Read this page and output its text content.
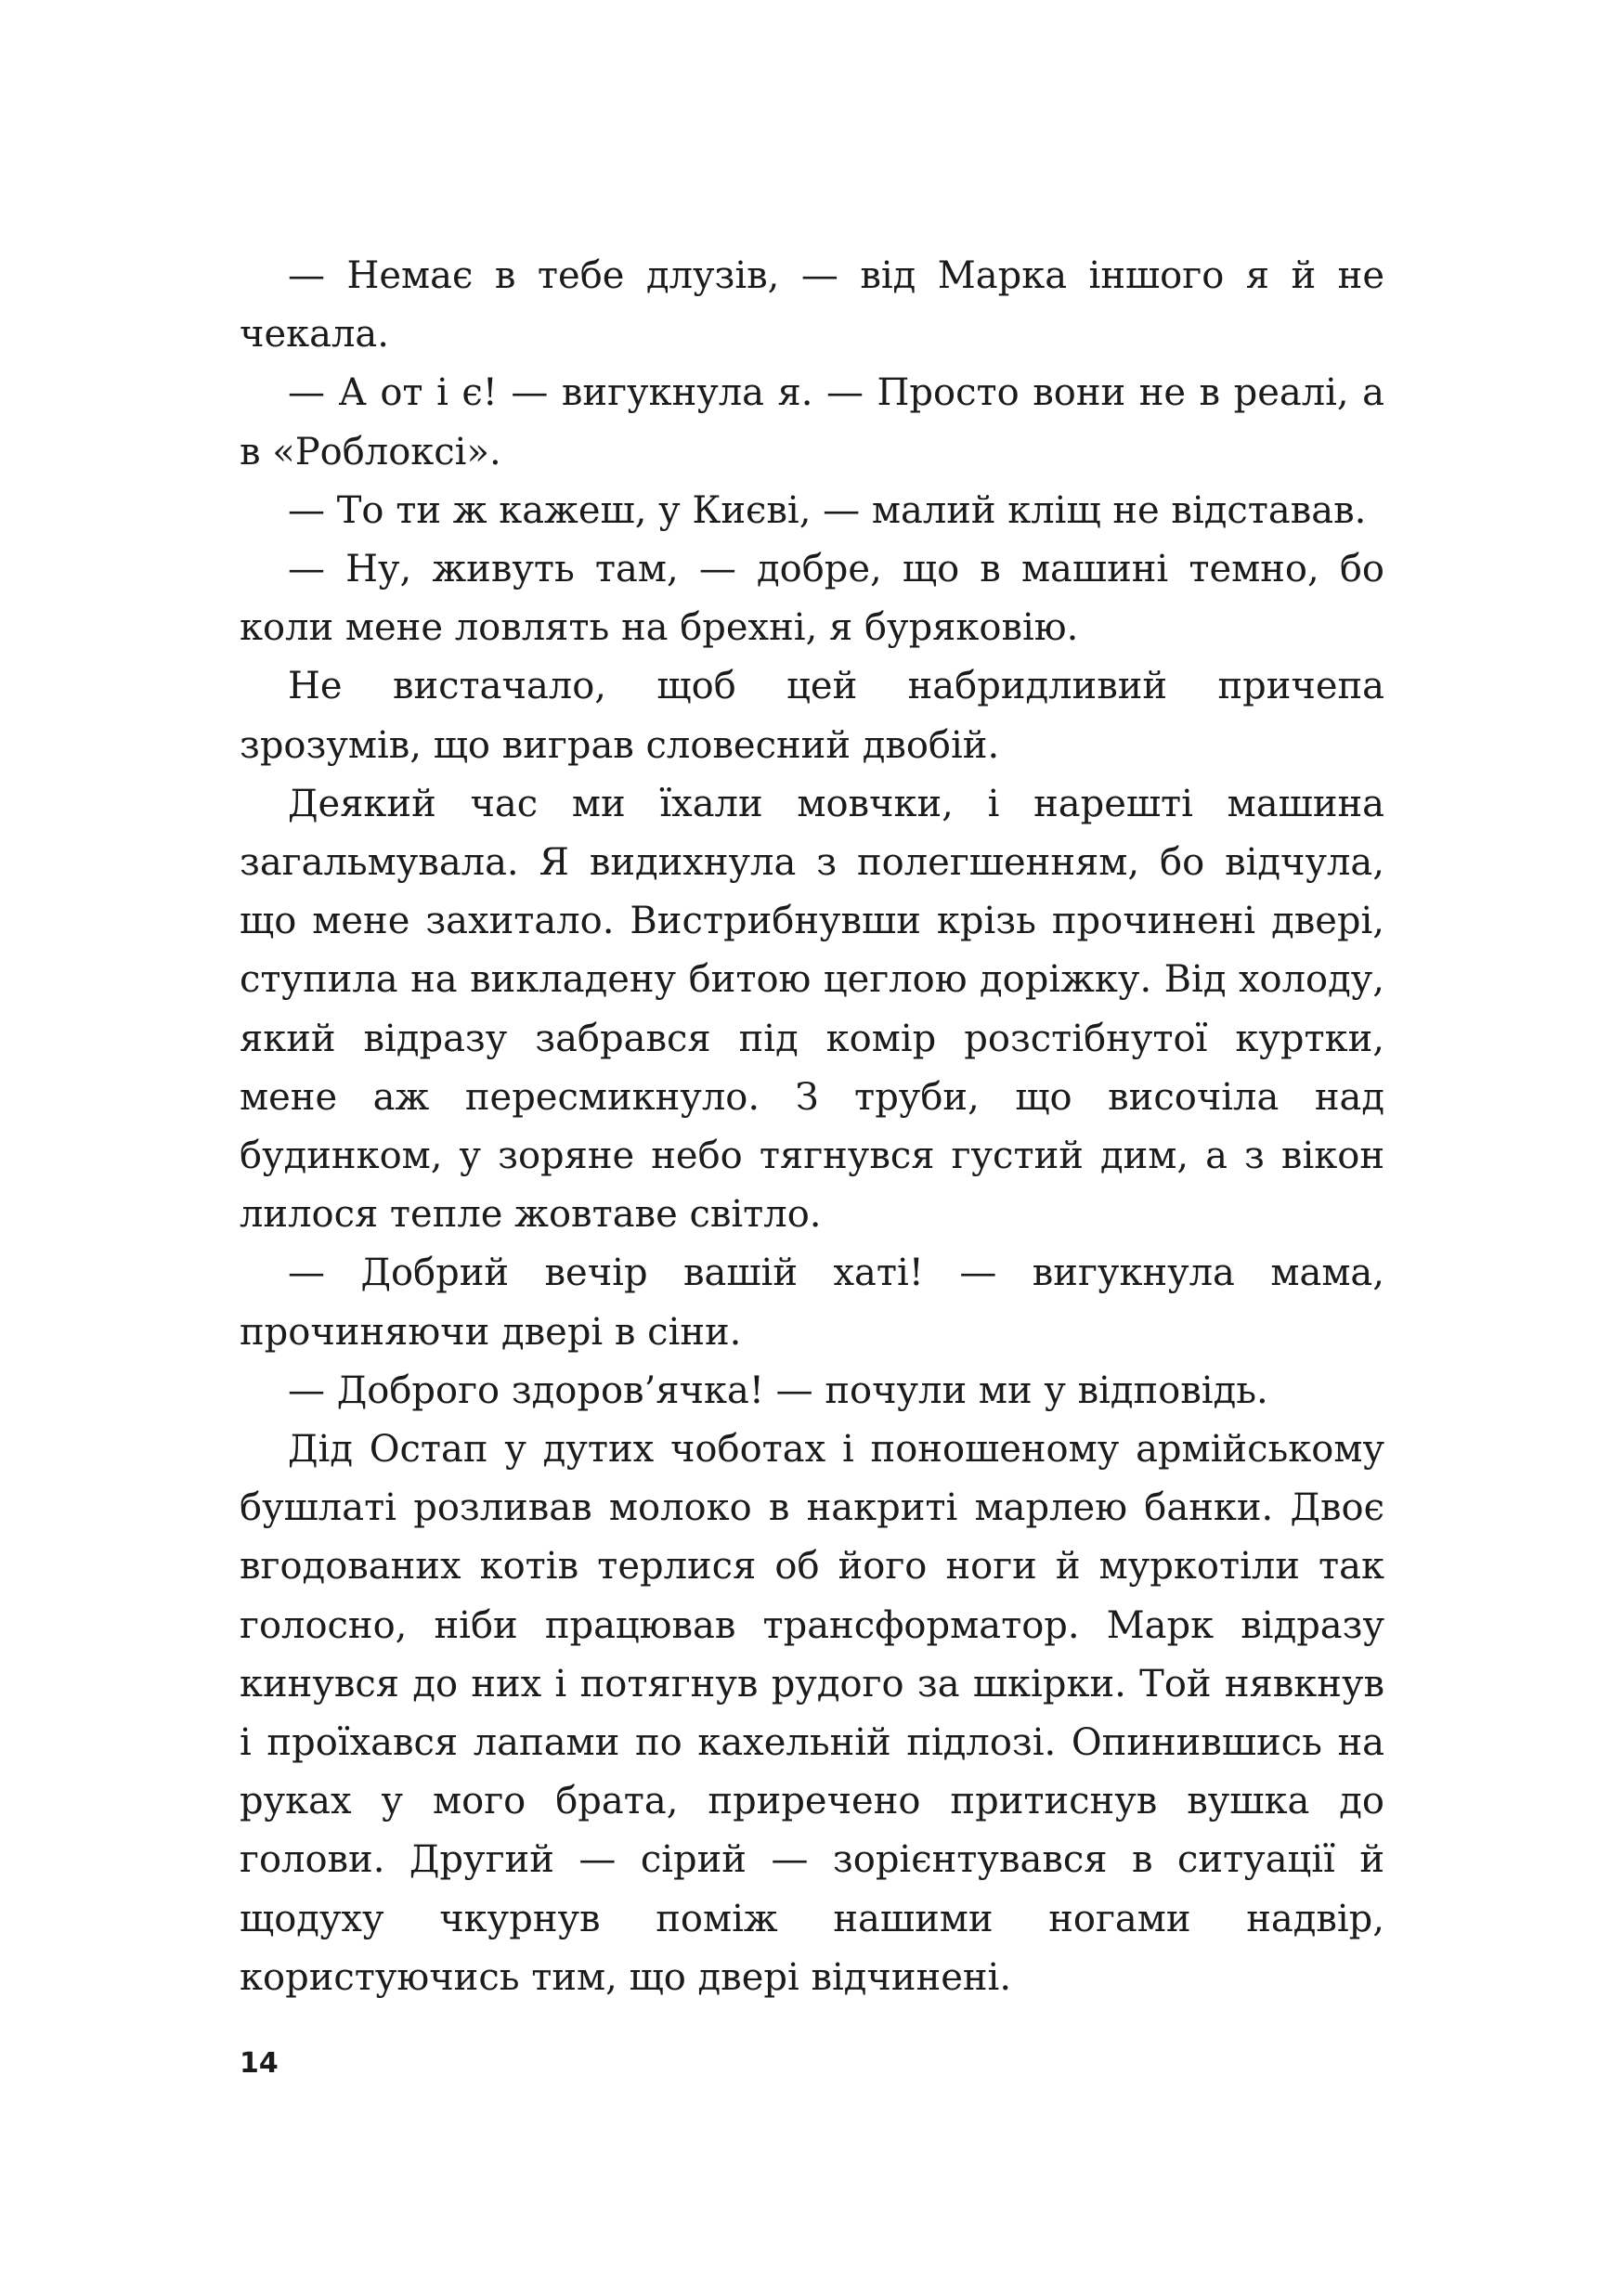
— Немає в тебе длузів, — від Марка іншого я й не чекала.

— А от і є! — вигукнула я. — Просто вони не в реалі, а в «Роблоксі».

— То ти ж кажеш, у Києві, — малий кліщ не відставав.

— Ну, живуть там, — добре, що в машині темно, бо коли мене ловлять на брехні, я буряковію.

Не вистачало, щоб цей набридливий причепа зрозумів, що виграв словесний двобій.

Деякий час ми їхали мовчки, і нарешті машина загальмувала. Я видихнула з полегшенням, бо відчула, що мене захитало. Вистрибнувши крізь прочинені двері, ступила на викладену битою цеглою доріжку. Від холоду, який відразу забрався під комір розстібнутої куртки, мене аж пересмикнуло. З труби, що височіла над будинком, у зоряне небо тягнувся густий дим, а з вікон лилося тепле жовтаве світло.

— Добрий вечір вашій хаті! — вигукнула мама, прочиняючи двері в сіни.

— Доброго здоров’ячка! — почули ми у відповідь.

Дід Остап у дутих чоботах і поношеному армійському бушлаті розливав молоко в накриті марлею банки. Двоє вгодованих котів терлися об його ноги й муркотіли так голосно, ніби працював трансформатор. Марк відразу кинувся до них і потягнув рудого за шкірки. Той нявкнув і проїхався лапами по кахельній підлозі. Опинившись на руках у мого брата, приречено притиснув вушка до голови. Другий — сірий — зорієнтувався в ситуації й щодуху чкурнув поміж нашими ногами надвір, користуючись тим, що двері відчинені.

14
